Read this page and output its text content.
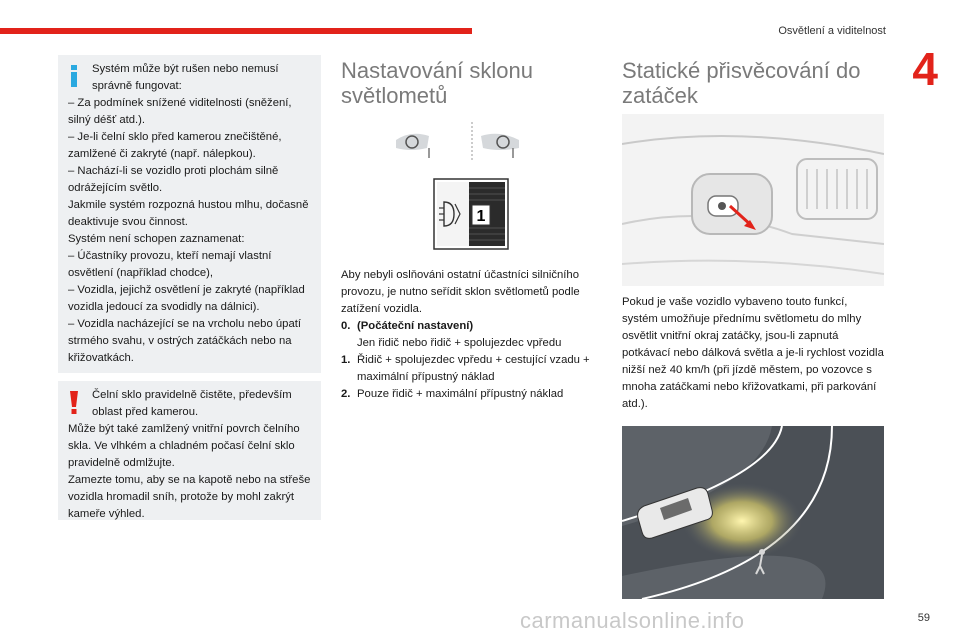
Osvětlení a viditelnost
4

Systém může být rušen nebo nemusí správně fungovat:

– Za podmínek snížené viditelnosti (sněžení, silný déšť atd.).

– Je-li čelní sklo před kamerou znečištěné, zamlžené či zakryté (např. nálepkou).

– Nachází-li se vozidlo proti plochám silně odrážejícím světlo.

Jakmile systém rozpozná hustou mlhu, dočasně deaktivuje svou činnost.

Systém není schopen zaznamenat:

– Účastníky provozu, kteří nemají vlastní osvětlení (například chodce),

– Vozidla, jejichž osvětlení je zakryté (například vozidla jedoucí za svodidly na dálnici).

– Vozidla nacházející se na vrcholu nebo úpatí strmého svahu, v ostrých zatáčkách nebo na křižovatkách.

Čelní sklo pravidelně čistěte, především oblast před kamerou.

Může být také zamlžený vnitřní povrch čelního skla. Ve vlhkém a chladném počasí čelní sklo pravidelně odmlžujte.

Zamezte tomu, aby se na kapotě nebo na střeše vozidla hromadil sníh, protože by mohl zakrýt kameře výhled.

Nastavování sklonu
světlometů
1

Aby nebyli oslňováni ostatní účastníci silničního provozu, je nutno seřídit sklon světlometů podle zatížení vozidla.

0. (Počáteční nastavení)
Jen řidič nebo řidič + spolujezdec vpředu
1. Řidič + spolujezdec vpředu + cestující vzadu + maximální přípustný náklad
2. Pouze řidič + maximální přípustný náklad
Statické přisvěcování do
zatáček

Pokud je vaše vozidlo vybaveno touto funkcí, systém umožňuje přednímu světlometu do mlhy osvětlit vnitřní okraj zatáčky, jsou-li zapnutá potkávací nebo dálková světla a je-li rychlost vozidla nižší než 40 km/h (při jízdě městem, po vozovce s mnoha zatáčkami nebo křižovatkami, při parkování atd.).

carmanualsonline.info	59
